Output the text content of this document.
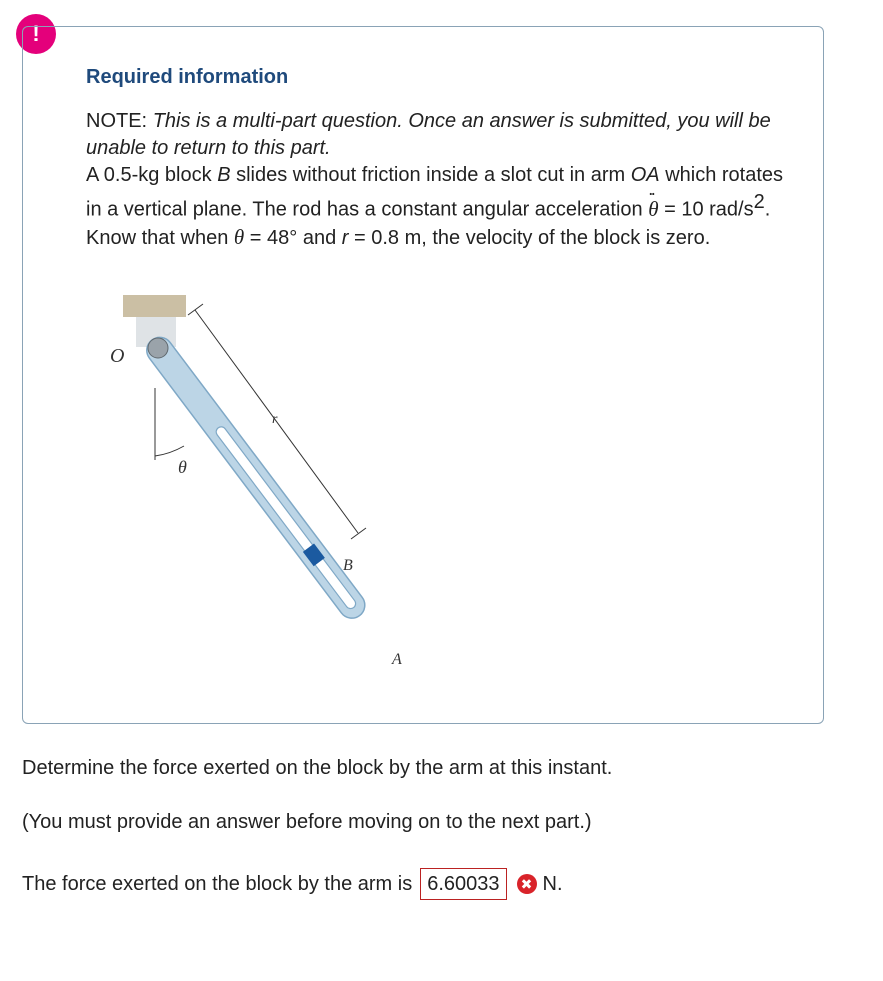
!
Required information

NOTE: This is a multi-part question. Once an answer is submitted, you will be unable to return to this part.

A 0.5-kg block B slides without friction inside a slot cut in arm OA which rotates in a vertical plane. The rod has a constant angular acceleration ·· θ = 10 rad/$s^2$. Know that when θ = 48° and r = 0.8 m, the velocity of the block is zero.

O
r
θ
B
A
Determine the force exerted on the block by the arm at this instant.
(You must provide an answer before moving on to the next part.)
The force exerted on the block by the arm is 6.60033	✖ N.
